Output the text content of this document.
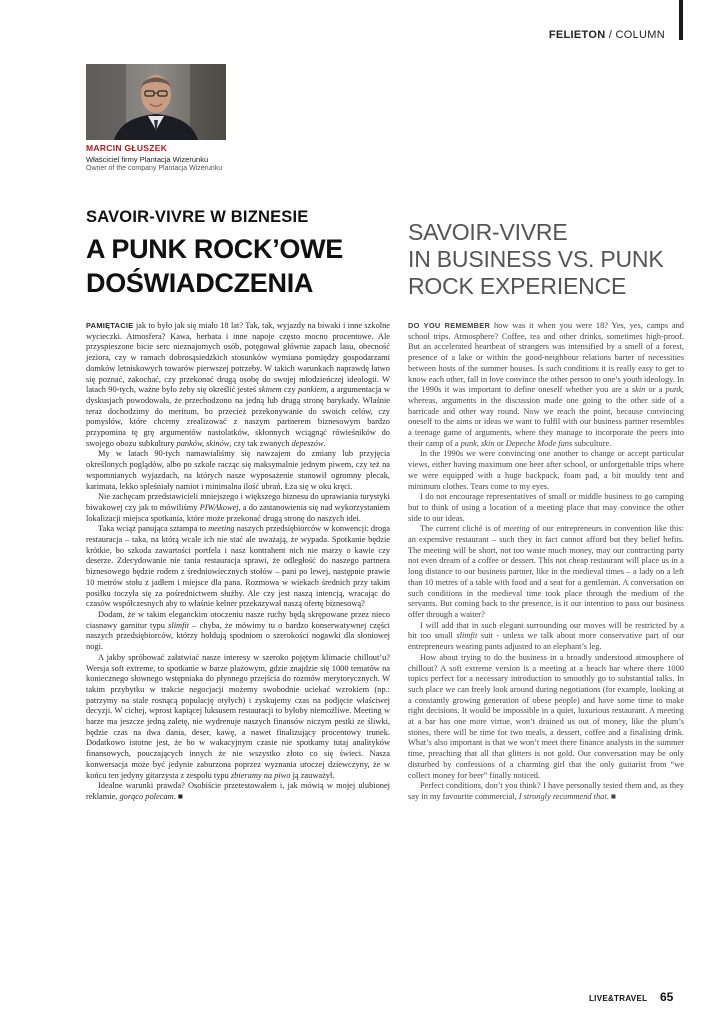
FELIETON / COLUMN
MARCIN GŁUSZEK
Właściciel firmy Plantacja Wizerunku
Owner of the company Plantacja Wizerunku
SAVOIR-VIVRE W BIZNESIE
A PUNK ROCK’OWE
DOŚWIADCZENIA
SAVOIR-VIVRE
IN BUSINESS VS. PUNK
ROCK EXPERIENCE

PAMIĘTACIE jak to było jak się miało 18 lat? Tak, tak, wyjazdy na biwaki i inne szkolne wycieczki. Atmosfera? Kawa, herbata i inne napoje często mocno procentowe. Ale przyspieszone bicie serc nieznajomych osób, potęgował głównie zapach lasu, obecność jeziora, czy w ramach dobrosąsiedzkich stosunków wymiana pomiędzy gospodarzami domków letniskowych towarów pierwszej potrzeby. W takich warunkach naprawdę łatwo się poznać, zakochać, czy przekonać drugą osobę do swojej młodzieńczej ideologii. W latach 90-tych, ważne było żeby się określić jesteś skinem czy pankiem, a argumentacja w dyskusjach powodowała, że przechodzono na jedną lub drugą stronę barykady. Właśnie teraz dochodzimy do meritum, bo przecież przekonywanie do swoich celów, czy pomysłów, które chcemy zrealizować z naszym partnerem biznesowym bardzo przypomina tę grę argumentów nastolatków, skłonnych wciągnąć rówieśników do swojego obozu subkultury panków, skinów, czy tak zwanych depeszów.

My w latach 90-tych namawialiśmy się nawzajem do zmiany lub przyjęcia określonych poglądów, albo po szkole racząc się maksymalnie jednym piwem, czy też na wspomnianych wyjazdach, na których nasze wyposażenie stanowił ogromny plecak, karimata, lekko spleśniały namiot i minimalna ilość ubrań. Łza się w oku kręci.

Nie zachęcam przedstawicieli mniejszego i większego biznesu do uprawiania turystyki biwakowej czy jak to mówiliśmy PIWAkowej, a do zastanowienia się nad wykorzystaniem lokalizacji miejsca spotkania, które może przekonać drugą stronę do naszych idei.

Taka wciąż panująca sztampa to meeting naszych przedsiębiorców w konwencji: droga restauracja – taka, na którą wcale ich nie stać ale uważają, że wypada. Spotkanie będzie krótkie, bo szkoda zawartości portfela i nasz kontrahent nich nie marzy o kawie czy deserze. Zdecydowanie nie tania restauracja sprawi, że odległość do naszego partnera biznesowego będzie rodem z średniowiecznych stołów – pani po lewej, następnie prawie 10 metrów stołu z jadłem i miejsce dla pana. Rozmowa w wiekach średnich przy takim posiłku toczyła się za pośrednictwem służby. Ale czy jest naszą intencją, wracając do czasów współczesnych aby to właśnie kelner przekazywał naszą ofertę biznesową?

Dodam, że w takim eleganckim otoczeniu nasze ruchy będą skrępowane przez nieco ciasnawy garnitur typu slimfit – chyba, że mówimy tu o bardzo konserwatywnej części naszych przedsiębiorców, którzy hołdują spodniom o szerokości nogawki dla słoniowej nogi.

A jakby spróbować załatwiać nasze interesy w szeroko pojętym klimacie chillout’u? Wersja soft extreme, to spotkanie w barze plażowym, gdzie znajdzie się 1000 tematów na koniecznego słownego wstępniaka do płynnego przejścia do rozmów merytorycznych. W takim przybytku w trakcie negocjacji możemy swobodnie uciekać wzrokiem (np.: patrzymy na stale rosnącą populację otyłych) i zyskujemy czas na podjęcie właściwej decyzji. W cichej, wprost kapiącej luksusem restauracji to byłoby niemożliwe. Meeting w barze ma jeszcze jedną zaletę, nie wydrenuje naszych finansów niczym pestki ze śliwki, będzie czas na dwa dania, deser, kawę, a nawet finalizujący procentowy trunek. Dodatkowo istotne jest, że bo w wakacyjnym czasie nie spotkamy tutaj analityków finansowych, pouczających innych że nie wszystko złoto co się świeci. Nasza konwersacja może być jedynie zaburzona poprzez wyznania uroczej dziewczyny, że w końcu ten jedyny gitarzysta z zespołu typu zbieramy na piwo ją zauważył.

Idealne warunki prawda? Osobiście przetestowałem i, jak mówią w mojej ulubionej reklamie, gorąco polecam. ■

DO YOU REMEMBER how was it when you were 18? Yes, yes, camps and school trips. Atmosphere? Coffee, tea and other drinks, sometimes high-proof. But an accelerated heartbeat of strangers was intensified by a smell of a forest, presence of a lake or within the good-neighbour relations barter of necessities between hosts of the summer houses. Is such conditions it is really easy to get to know each other, fall in love convince the other person to one’s youth ideology. In the 1990s it was important to define oneself whether you are a skin or a punk, whereas, arguments in the discussion made one going to the other side of a barricade and other way round. Now we reach the point, because convincing oneself to the aims or ideas we want to fulfil with our business partner resembles a teenage game of arguments, where they manage to incorporate the peers into their camp of a punk, skin or Depeche Mode fans subculture.

In the 1990s we were convincing one another to change or accept particular views, either having maximum one beer after school, or unforgettable trips where we were equipped with a huge backpack, foam pad, a bit mouldy tent and minimum clothes. Tears come to my eyes.

I do not encourage representatives of small or middle business to go camping but to think of using a location of a meeting place that may convince the other side to our ideas.

The current cliché is of meeting of our entrepreneurs in convention like this: an expensive restaurant – such they in fact cannot afford but they belief befits. The meeting will be short, not too waste much money, may our contracting party not even dream of a coffee or dessert. This not cheap restaurant will place us in a long distance to our business partner, like in the medieval times – a lady on a left than 10 metres of a table with food and a seat for a gentleman. A conversation on such conditions in the medieval time took place through the medium of the servants. But coming back to the presence, is it our intention to pass our business offer through a waiter?

I will add that in such elegant surrounding our moves will be restricted by a bit too small slimfit suit - unless we talk about more conservative part of our entrepreneurs wearing pants adjusted to an elephant’s leg.

How about trying to do the business in a broadly understood atmosphere of chillout? A soft extreme version is a meeting at a beach bar where there 1000 topics perfect for a necessary introduction to smoothly go to substantial talks. In such place we can freely look around during negotiations (for example, looking at a constantly growing generation of obese people) and have some time to make right decisions. It would be impossible in a quiet, luxurious restaurant. A meeting at a bar has one more virtue, won’t drained us out of money, like the plum’s stones, there will be time for two meals, a dessert, coffee and a finalising drink. What’s also important is that we won’t meet there finance analysts in the summer time, preaching that all that glitters is not gold. Our conversation may be only disturbed by confessions of a charming girl that the only guitarist from “we collect money for beer” finally noticed.

Perfect conditions, don’t you think? I have personally tested them and, as they say in my favourite commercial, I strongly recommend that. ■

LIVE&TRAVEL 65
